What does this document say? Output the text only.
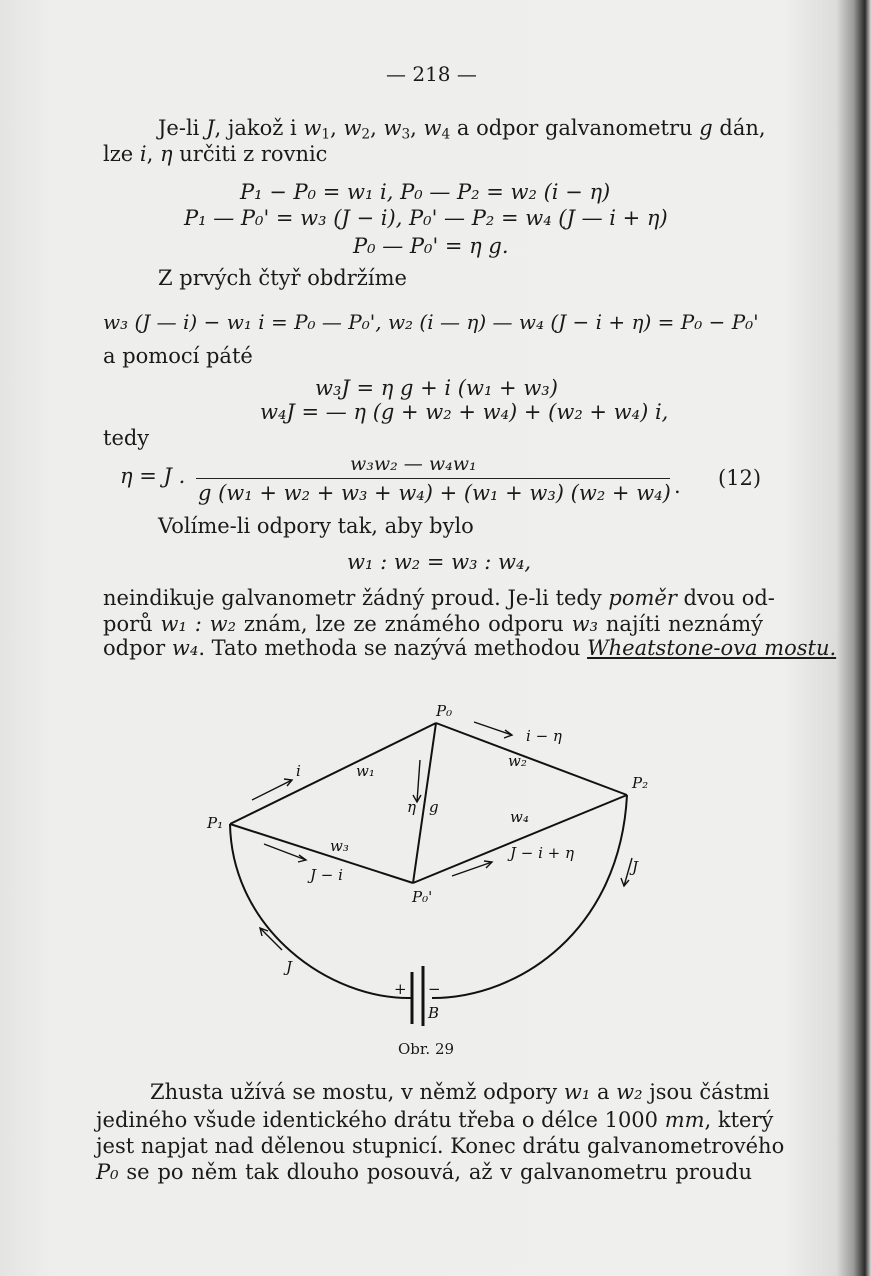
— 218 —
Je-li J, jakož i $w_1$, $w_2$, $w_3$, $w_4$ a odpor galvanometru g dán,
lze i, η určiti z rovnic
P₁ − P₀ = w₁ i, P₀ — P₂ = w₂ (i − η)
P₁ — P₀' = w₃ (J − i), P₀' — P₂ = w₄ (J — i + η)
P₀ — P₀' = η g.
Z prvých čtyř obdržíme
w₃ (J — i) − w₁ i = P₀ — P₀', w₂ (i — η) — w₄ (J − i + η) = P₀ − P₀'
a pomocí páté
w₃J = η g + i (w₁ + w₃)
w₄J = — η (g + w₂ + w₄) + (w₂ + w₄) i,
tedy
η = J .	w₃w₂ — w₄w₁
g (w₁ + w₂ + w₃ + w₄) + (w₁ + w₃) (w₂ + w₄) . (12)
Volíme-li odpory tak, aby bylo
w₁ : w₂ = w₃ : w₄,
neindikuje galvanometr žádný proud. Je-li tedy poměr dvou od-
porů w₁ : w₂ znám, lze ze známého odporu w₃ najíti neznámý
odpor w₄. Tato methoda se nazývá methodou Wheatstone-ova mostu.
P₀
P₁
P₂
P₀'
i
i − η
w₁
w₂
w₃
w₄
η g
J − i
J − i + η
J
J
+ −
B
Obr. 29
Zhusta užívá se mostu, v němž odpory w₁ a w₂ jsou částmi
jediného všude identického drátu třeba o délce 1000 mm, který
jest napjat nad dělenou stupnicí. Konec drátu galvanometrového
P₀ se po něm tak dlouho posouvá, až v galvanometru proudu
